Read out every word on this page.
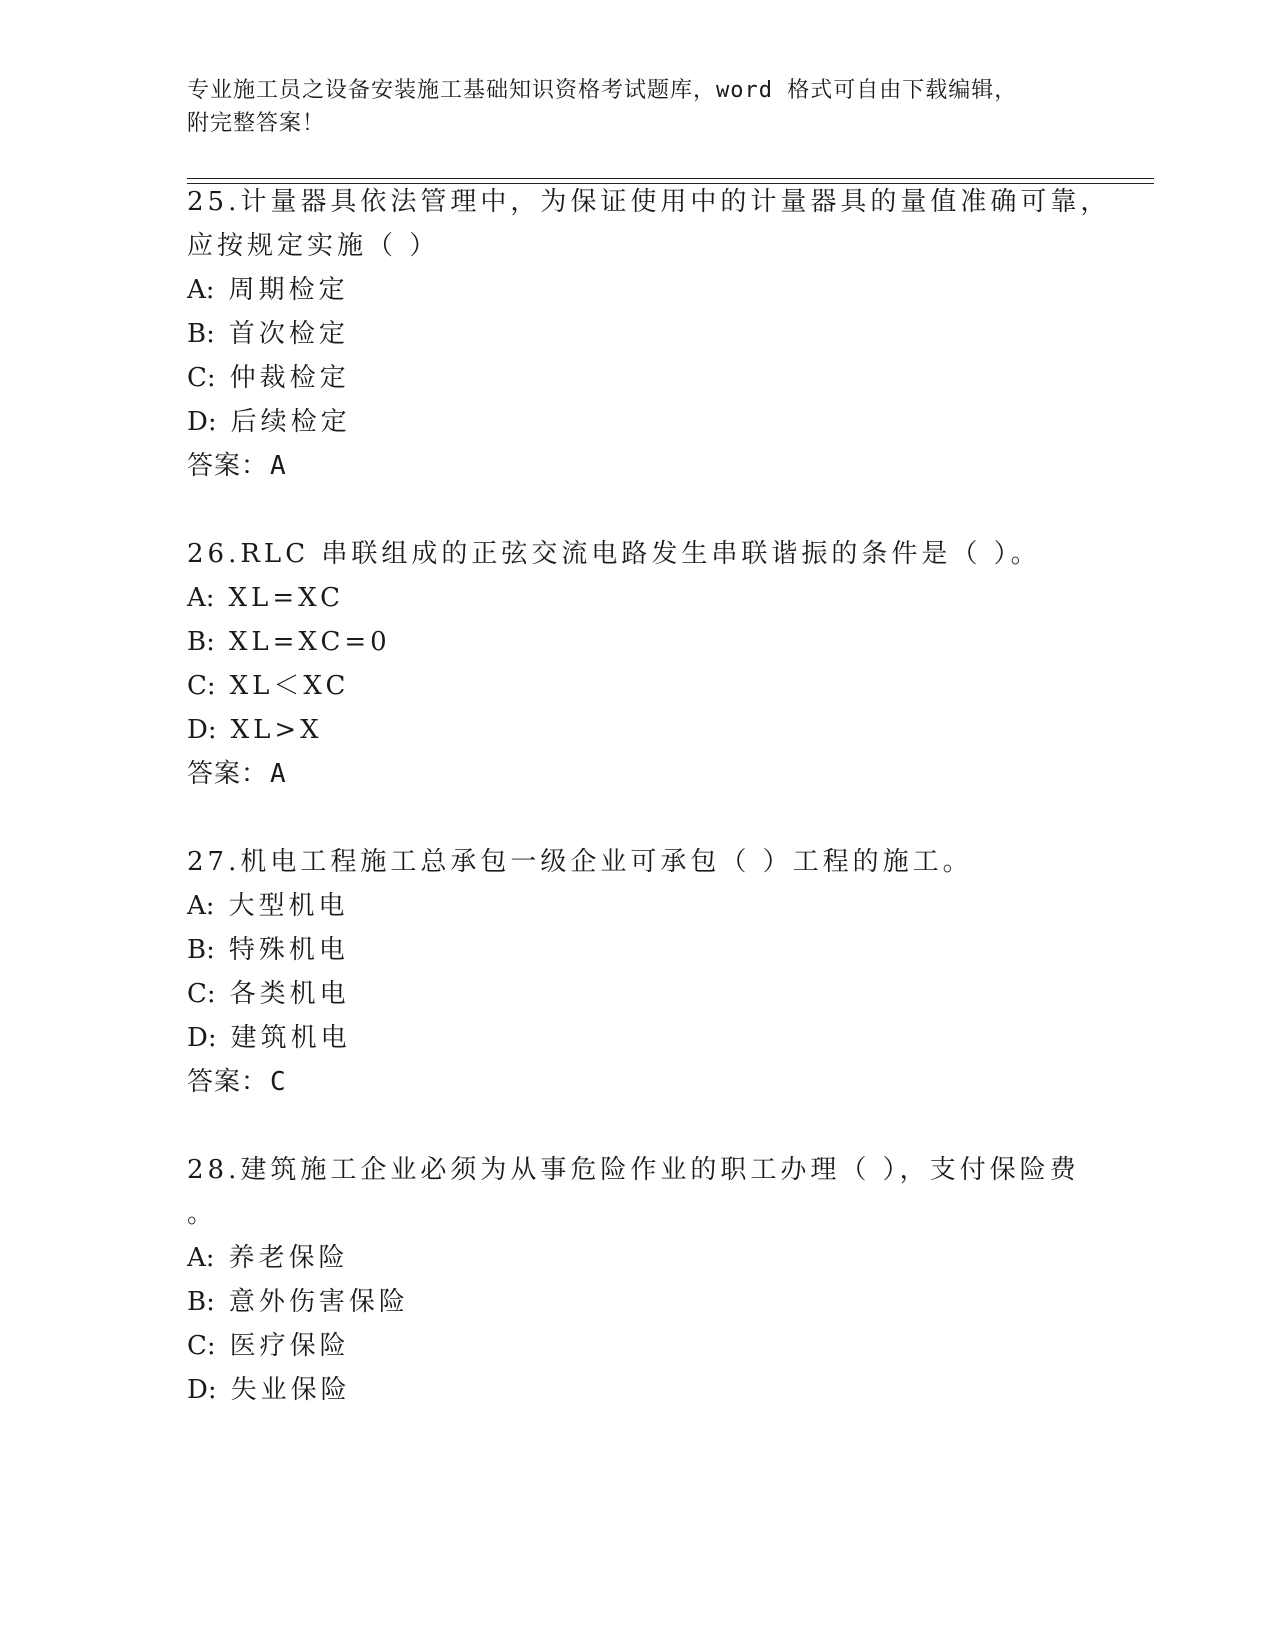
专业施工员之设备安装施工基础知识资格考试题库，word 格式可自由下载编辑，
附完整答案！
25.计量器具依法管理中，为保证使用中的计量器具的量值准确可靠，
应按规定实施（ ）
A: 周期检定
B: 首次检定
C: 仲裁检定
D: 后续检定
答案：A
26.RLC 串联组成的正弦交流电路发生串联谐振的条件是（ ）。
A: XL=XC
B: XL=XC=0
C: XL＜XC
D: XL>X
答案：A
27.机电工程施工总承包一级企业可承包（ ）工程的施工。
A: 大型机电
B: 特殊机电
C: 各类机电
D: 建筑机电
答案：C
28.建筑施工企业必须为从事危险作业的职工办理（ ），支付保险费
。
A: 养老保险
B: 意外伤害保险
C: 医疗保险
D: 失业保险
